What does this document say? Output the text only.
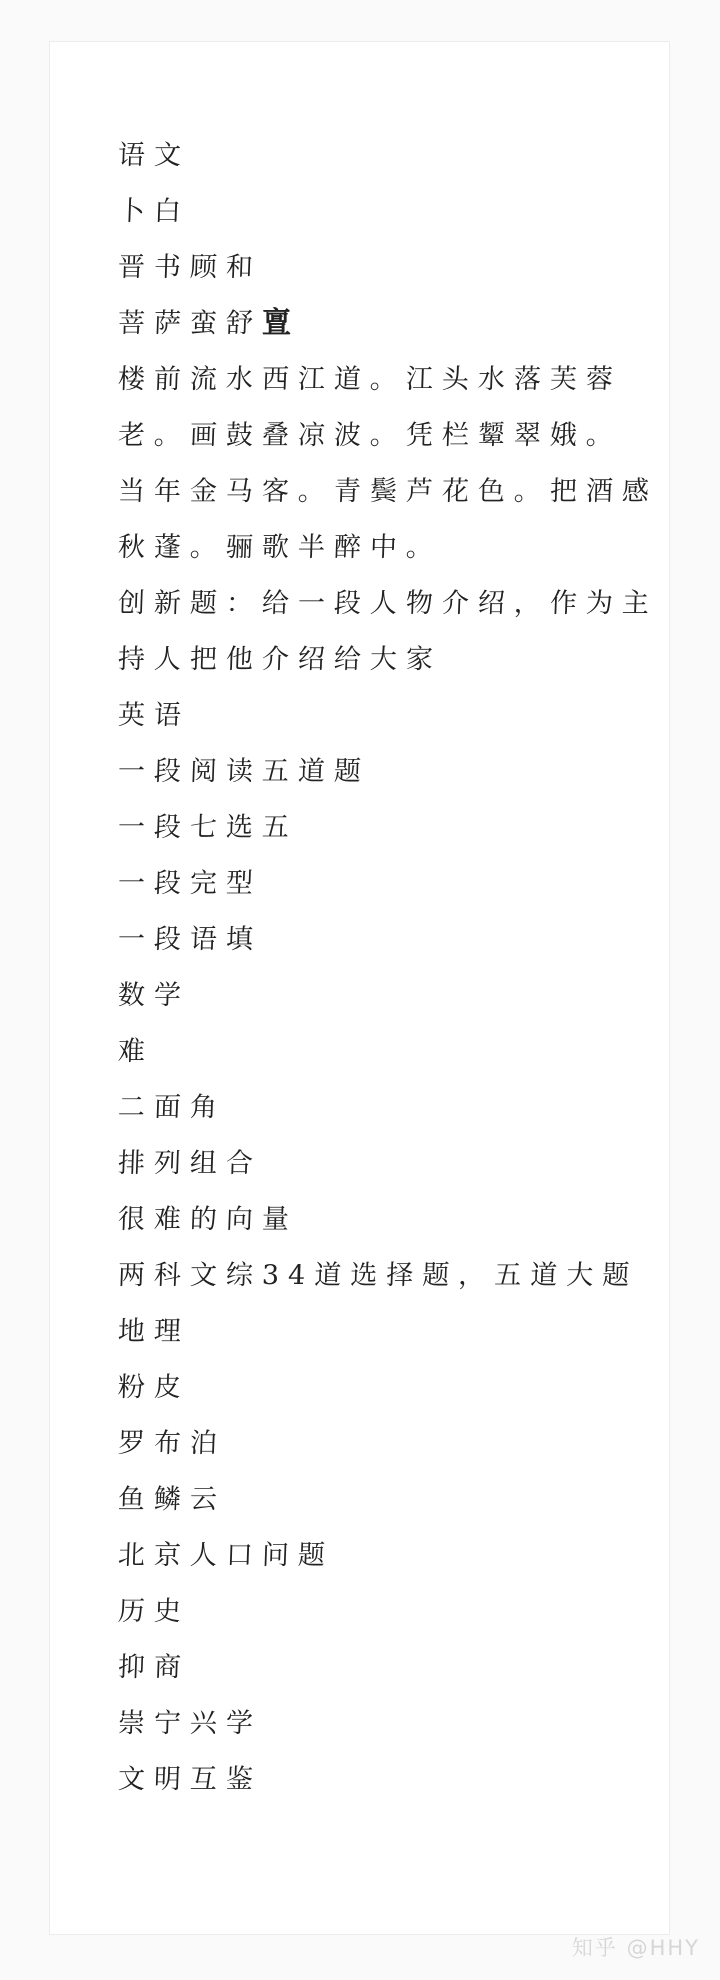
语文
卜白
晋书顾和
菩萨蛮舒 亶
楼前流水西江道。江头水落芙蓉
老。画鼓叠凉波。凭栏颦翠娥。
当年金马客。青鬓芦花色。把酒感
秋蓬。骊歌半醉中。
创新题：给一段人物介绍，作为主
持人把他介绍给大家
英语
一段阅读五道题
一段七选五
一段完型
一段语填
数学
难
二面角
排列组合
很难的向量
两科文综34道选择题，五道大题
地理
粉皮
罗布泊
鱼鳞云
北京人口问题
历史
抑商
崇宁兴学
文明互鉴
知乎 @HHY
